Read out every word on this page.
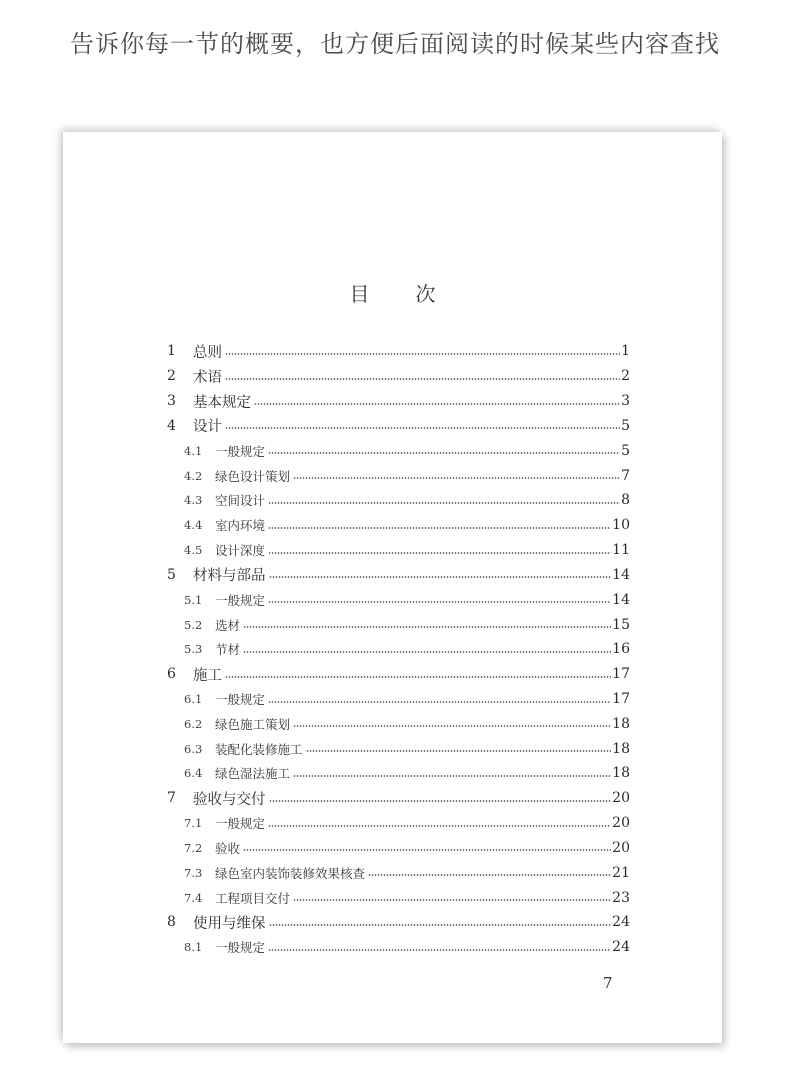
告诉你每一节的概要，也方便后面阅读的时候某些内容查找
目 次
1	总则	1
2	术语	2
3	基本规定	3
4	设计	5
4.1	一般规定	5
4.2	绿色设计策划	7
4.3	空间设计	8
4.4	室内环境	10
4.5	设计深度	11
5	材料与部品	14
5.1	一般规定	14
5.2	选材	15
5.3	节材	16
6	施工	17
6.1	一般规定	17
6.2	绿色施工策划	18
6.3	装配化装修施工	18
6.4	绿色湿法施工	18
7	验收与交付	20
7.1	一般规定	20
7.2	验收	20
7.3	绿色室内装饰装修效果核查	21
7.4	工程项目交付	23
8	使用与维保	24
8.1	一般规定	24
7
